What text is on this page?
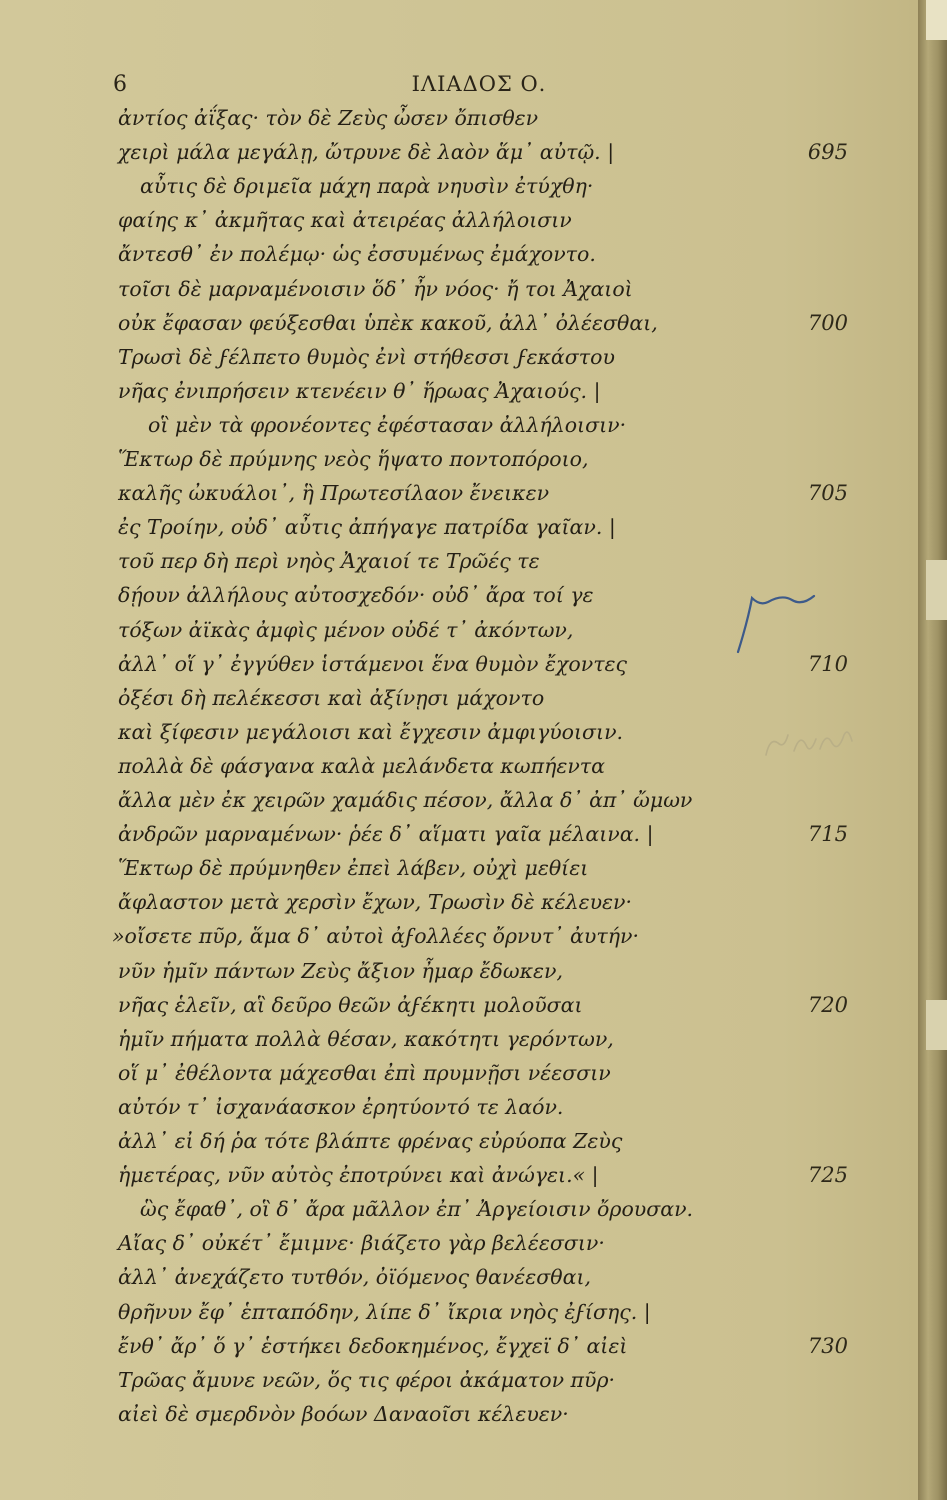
6	ΙΛΙΑΔΟΣ Ο.
ἀντίος ἀΐξας· τὸν δὲ Ζεὺς ὦσεν ὄπισθεν
χειρὶ μάλα μεγάλῃ, ὤτρυνε δὲ λαὸν ἅμ᾽ αὐτῷ. |	695
αὖτις δὲ δριμεῖα μάχη παρὰ νηυσὶν ἐτύχθη·
φαίης κ᾽ ἀκμῆτας καὶ ἀτειρέας ἀλλήλοισιν
ἄντεσθ᾽ ἐν πολέμῳ· ὡς ἐσσυμένως ἐμάχοντο.
τοῖσι δὲ μαρναμένοισιν ὅδ᾽ ἦν νόος· ἤ τοι Ἀχαιοὶ
οὐκ ἔφασαν φεύξεσθαι ὑπὲκ κακοῦ, ἀλλ᾽ ὀλέεσθαι,	700
Τρωσὶ δὲ ϝέλπετο θυμὸς ἐνὶ στήθεσσι ϝεκάστου
νῆας ἐνιπρήσειν κτενέειν θ᾽ ἥρωας Ἀχαιούς. |
οἳ μὲν τὰ φρονέοντες ἐφέστασαν ἀλλήλοισιν·
Ἕκτωρ δὲ πρύμνης νεὸς ἥψατο ποντοπόροιο,
καλῆς ὠκυάλοι᾽, ἣ Πρωτεσίλαον ἔνεικεν	705
ἐς Τροίην, οὐδ᾽ αὖτις ἀπήγαγε πατρίδα γαῖαν. |
τοῦ περ δὴ περὶ νηὸς Ἀχαιοί τε Τρῶές τε
δῄουν ἀλλήλους αὐτοσχεδόν· οὐδ᾽ ἄρα τοί γε
τόξων ἀϊκὰς ἀμφὶς μένον οὐδέ τ᾽ ἀκόντων,
ἀλλ᾽ οἵ γ᾽ ἐγγύθεν ἱστάμενοι ἕνα θυμὸν ἔχοντες	710
ὀξέσι δὴ πελέκεσσι καὶ ἀξίνῃσι μάχοντο
καὶ ξίφεσιν μεγάλοισι καὶ ἔγχεσιν ἀμφιγύοισιν.
πολλὰ δὲ φάσγανα καλὰ μελάνδετα κωπήεντα
ἄλλα μὲν ἐκ χειρῶν χαμάδις πέσον, ἄλλα δ᾽ ἀπ᾽ ὤμων
ἀνδρῶν μαρναμένων· ῥέε δ᾽ αἵματι γαῖα μέλαινα. |	715
Ἕκτωρ δὲ πρύμνηθεν ἐπεὶ λάβεν, οὐχὶ μεθίει
ἄφλαστον μετὰ χερσὶν ἔχων, Τρωσὶν δὲ κέλευεν·
»οἴσετε πῦρ, ἅμα δ᾽ αὐτοὶ ἀϝολλέες ὄρνυτ᾽ ἀυτήν·
νῦν ἡμῖν πάντων Ζεὺς ἄξιον ἦμαρ ἔδωκεν,
νῆας ἑλεῖν, αἳ δεῦρο θεῶν ἀϝέκητι μολοῦσαι	720
ἡμῖν πήματα πολλὰ θέσαν, κακότητι γερόντων,
οἵ μ᾽ ἐθέλοντα μάχεσθαι ἐπὶ πρυμνῇσι νέεσσιν
αὐτόν τ᾽ ἰσχανάασκον ἐρητύοντό τε λαόν.
ἀλλ᾽ εἰ δή ῥα τότε βλάπτε φρένας εὐρύοπα Ζεὺς
ἡμετέρας, νῦν αὐτὸς ἐποτρύνει καὶ ἀνώγει.« |	725
ὣς ἔφαθ᾽, οἳ δ᾽ ἄρα μᾶλλον ἐπ᾽ Ἀργείοισιν ὄρουσαν.
Αἴας δ᾽ οὐκέτ᾽ ἔμιμνε· βιάζετο γὰρ βελέεσσιν·
ἀλλ᾽ ἀνεχάζετο τυτθόν, ὀϊόμενος θανέεσθαι,
θρῆνυν ἔφ᾽ ἑπταπόδην, λίπε δ᾽ ἴκρια νηὸς ἐϝίσης. |
ἔνθ᾽ ἄρ᾽ ὅ γ᾽ ἑστήκει δεδοκημένος, ἔγχεϊ δ᾽ αἰεὶ	730
Τρῶας ἄμυνε νεῶν, ὅς τις φέροι ἀκάματον πῦρ·
αἰεὶ δὲ σμερδνὸν βοόων Δαναοῖσι κέλευεν·
